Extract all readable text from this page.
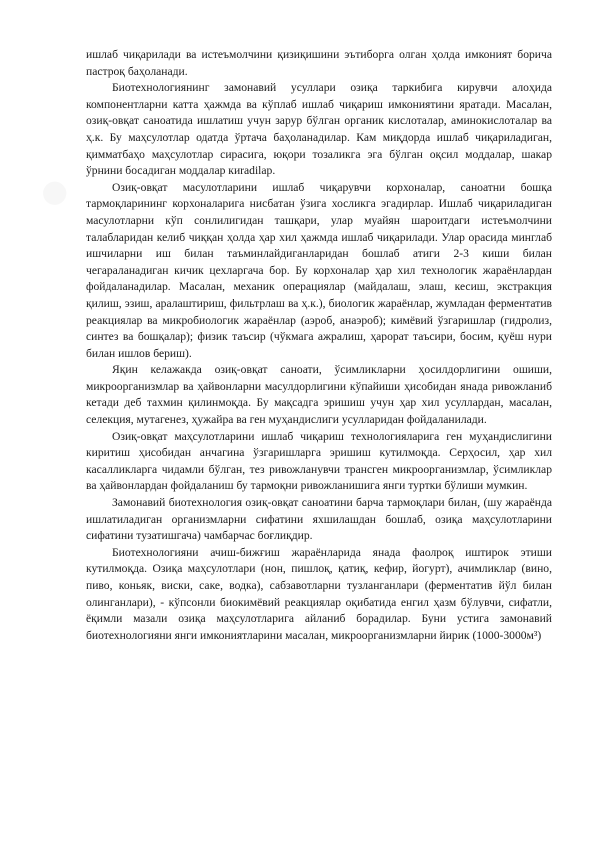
●

ишлаб чиқарилади ва истеъмолчини қизиқишини эътиборга олган ҳолда имконият борича пастроқ баҳоланади.

Биотехнологиянинг замонавий усуллари озиқа таркибига кирувчи алоҳида компонентларни катта ҳажмда ва кўплаб ишлаб чиқариш имкониятини яратади. Масалан, озиқ-овқат саноатида ишлатиш учун зарур бўлган органик кислоталар, аминокислоталар ва ҳ.к. Бу маҳсулотлар одатда ўртача баҳоланадилар. Кам миқдорда ишлаб чиқариладиган, қимматбаҳо маҳсулотлар сирасига, юқори тозаликга эга бўлган оқсил моддалар, шакар ўрнини босадиган моддалар киradilар.

Озиқ-овқат масулотларини ишлаб чиқарувчи корхоналар, саноатни бошқа тармоқларининг корхоналарига нисбатан ўзига хосликга эгадирлар. Ишлаб чиқариладиган масулотларни кўп сонлилигидан ташқари, улар муайян шароитдаги истеъмолчини талабларидан келиб чиққан ҳолда ҳар хил ҳажмда ишлаб чиқарилади. Улар орасида минглаб ишчиларни иш билан таъминлайдиганларидан бошлаб атиги 2-3 киши билан чегараланадиган кичик цехларгача бор. Бу корхоналар ҳар хил технологик жараёнлардан фойдаланадилар. Масалан, механик операциялар (майдалаш, элаш, кесиш, экстракция қилиш, эзиш, аралаштириш, фильтрлаш ва ҳ.к.), биологик жараёнлар, жумладан ферментатив реакциялар ва микробиологик жараёнлар (аэроб, анаэроб); кимёвий ўзгаришлар (гидролиз, синтез ва бошқалар); физик таъсир (чўкмага ажралиш, ҳарорат таъсири, босим, қуёш нури билан ишлов бериш).

Яқин келажакда озиқ-овқат саноати, ўсимликларни ҳосилдорлигини ошиши, микроорганизмлар ва ҳайвонларни масулдорлигини кўпайиши ҳисобидан янада ривожланиб кетади деб тахмин қилинмоқда. Бу мақсадга эришиш учун ҳар хил усуллардан, масалан, селекция, мутагенез, ҳужайра ва ген муҳандислиги усулларидан фойдаланилади.

Озиқ-овқат маҳсулотларини ишлаб чиқариш технологияларига ген муҳандислигини киритиш ҳисобидан анчагина ўзгаришларга эришиш кутилмоқда. Серҳосил, ҳар хил касалликларга чидамли бўлган, тез ривожланувчи трансген микроорганизмлар, ўсимликлар ва ҳайвонлардан фойдаланиш бу тармоқни ривожланишига янги туртки бўлиши мумкин.

Замонавий биотехнология озиқ-овқат саноатини барча тармоқлари билан, (шу жараёнда ишлатиладиган организмларни сифатини яхшилашдан бошлаб, озиқа маҳсулотларини сифатини тузатишгача) чамбарчас боғлиқдир.

Биотехнологияни ачиш-бижғиш жараёнларида янада фаолроқ иштирок этиши кутилмоқда. Озиқа маҳсулотлари (нон, пишлоқ, қатиқ, кефир, йогурт), ачимликлар (вино, пиво, коньяк, виски, саке, водка), сабзавотларни тузланганлари (ферментатив йўл билан олинганлари), - кўпсонли биокимёвий реакциялар оқибатида енгил ҳазм бўлувчи, сифатли, ёқимли мазали озиқа маҳсулотларига айланиб борадилар. Буни устига замонавий биотехнологияни янги имкониятларини масалан, микроорганизмларни йирик (1000-3000м³)
